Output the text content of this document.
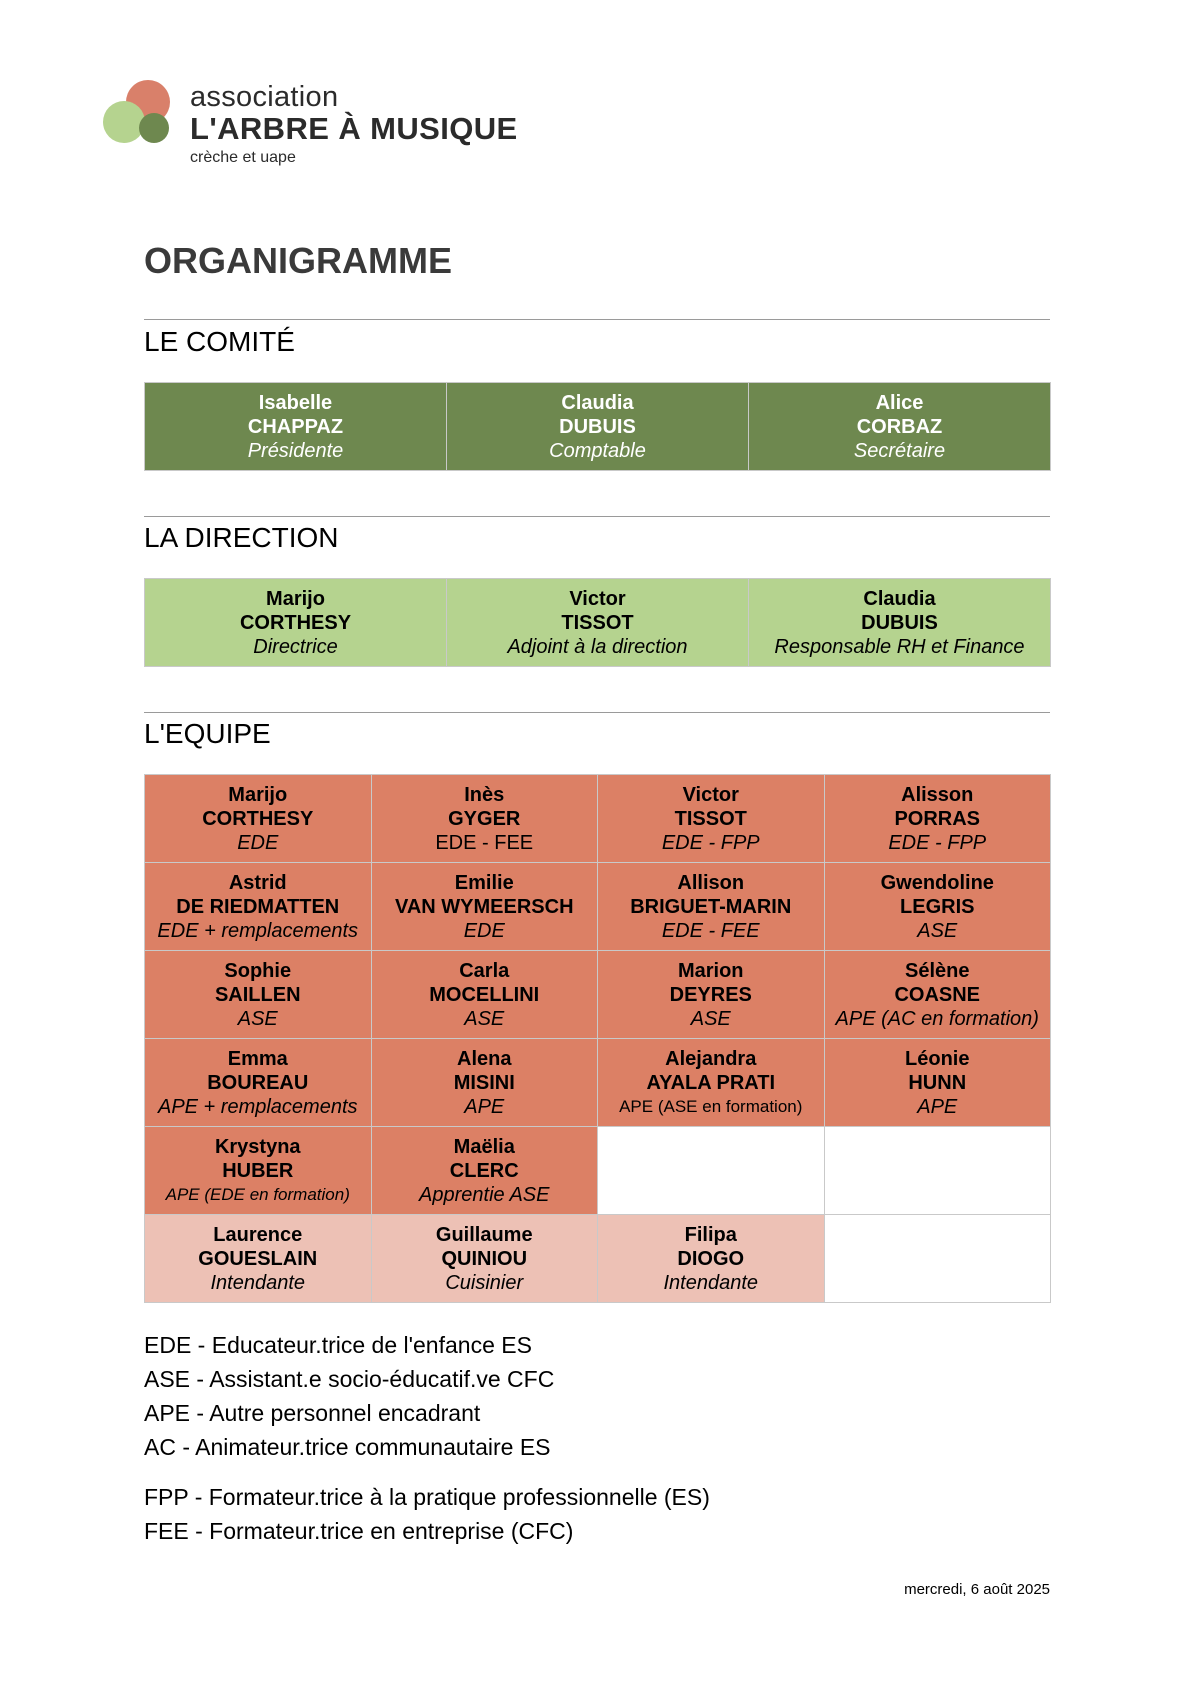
association
L'ARBRE À MUSIQUE
crèche et uape
ORGANIGRAMME
LE COMITÉ
Isabelle
CHAPPAZ
Présidente
Claudia
DUBUIS
Comptable
Alice
CORBAZ
Secrétaire
LA DIRECTION
Marijo
CORTHESY
Directrice
Victor
TISSOT
Adjoint à la direction
Claudia
DUBUIS
Responsable RH et Finance
L'EQUIPE
Marijo
CORTHESY
EDE
Inès
GYGER
EDE - FEE
Victor
TISSOT
EDE - FPP
Alisson
PORRAS
EDE - FPP
Astrid
DE RIEDMATTEN
EDE + remplacements
Emilie
VAN WYMEERSCH
EDE
Allison
BRIGUET-MARIN
EDE - FEE
Gwendoline
LEGRIS
ASE
Sophie
SAILLEN
ASE
Carla
MOCELLINI
ASE
Marion
DEYRES
ASE
Sélène
COASNE
APE (AC en formation)
Emma
BOUREAU
APE + remplacements
Alena
MISINI
APE
Alejandra
AYALA PRATI
APE (ASE en formation)
Léonie
HUNN
APE
Krystyna
HUBER
APE (EDE en formation)
Maëlia
CLERC
Apprentie ASE
Laurence
GOUESLAIN
Intendante
Guillaume
QUINIOU
Cuisinier
Filipa
DIOGO
Intendante
EDE - Educateur.trice de l'enfance ES
ASE - Assistant.e socio-éducatif.ve CFC
APE - Autre personnel encadrant
AC - Animateur.trice communautaire ES
FPP - Formateur.trice à la pratique professionnelle (ES)
FEE - Formateur.trice en entreprise (CFC)
mercredi, 6 août 2025
